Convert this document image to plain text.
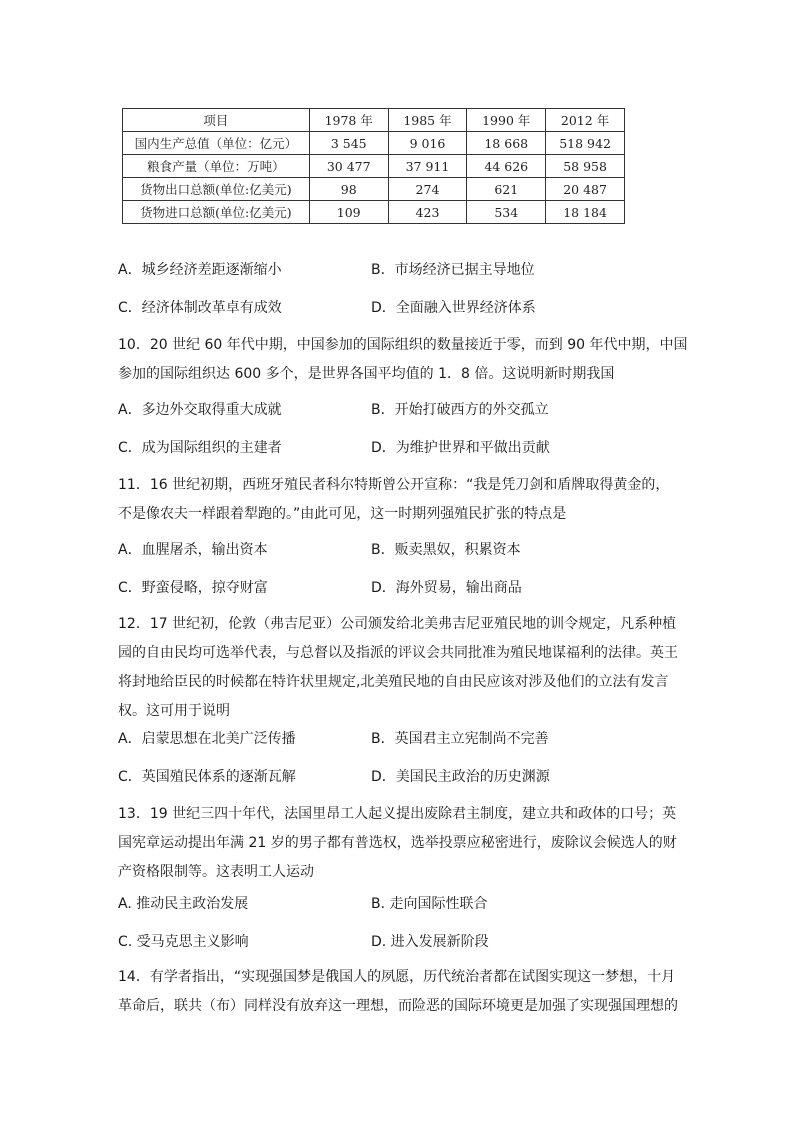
项目	1978 年	1985 年	1990 年	2012 年
国内生产总值（单位：亿元）	3 545	9 016	18 668	518 942
粮食产量（单位：万吨）	30 477	37 911	44 626	58 958
货物出口总额(单位:亿美元)	98	274	621	20 487
货物进口总额(单位:亿美元)	109	423	534	18 184
A．城乡经济差距逐渐缩小	B．市场经济已据主导地位
C．经济体制改革卓有成效	D．全面融入世界经济体系

10．20 世纪 60 年代中期，中国参加的国际组织的数量接近于零，而到 90 年代中期，中国

参加的国际组织达 600 多个，是世界各国平均值的 1．8 倍。这说明新时期我国

A．多边外交取得重大成就	B．开始打破西方的外交孤立
C．成为国际组织的主建者	D．为维护世界和平做出贡献

11．16 世纪初期，西班牙殖民者科尔特斯曾公开宣称：“我是凭刀剑和盾牌取得黄金的，

不是像农夫一样跟着犁跑的。”由此可见，这一时期列强殖民扩张的特点是

A．血腥屠杀，输出资本	B．贩卖黑奴，积累资本
C．野蛮侵略，掠夺财富	D．海外贸易，输出商品

12．17 世纪初，伦敦（弗吉尼亚）公司颁发给北美弗吉尼亚殖民地的训令规定，凡系种植

园的自由民均可选举代表，与总督以及指派的评议会共同批准为殖民地谋福利的法律。英王

将封地给臣民的时候都在特许状里规定,北美殖民地的自由民应该对涉及他们的立法有发言

权。这可用于说明

A．启蒙思想在北美广泛传播	B．英国君主立宪制尚不完善
C．英国殖民体系的逐渐瓦解	D．美国民主政治的历史渊源

13．19 世纪三四十年代，法国里昂工人起义提出废除君主制度，建立共和政体的口号；英

国宪章运动提出年满 21 岁的男子都有普选权，选举投票应秘密进行，废除议会候选人的财

产资格限制等。这表明工人运动

A. 推动民主政治发展	B. 走向国际性联合
C. 受马克思主义影响	D. 进入发展新阶段

14．有学者指出，“实现强国梦是俄国人的夙愿，历代统治者都在试图实现这一梦想，十月

革命后，联共（布）同样没有放弃这一理想，而险恶的国际环境更是加强了实现强国理想的
